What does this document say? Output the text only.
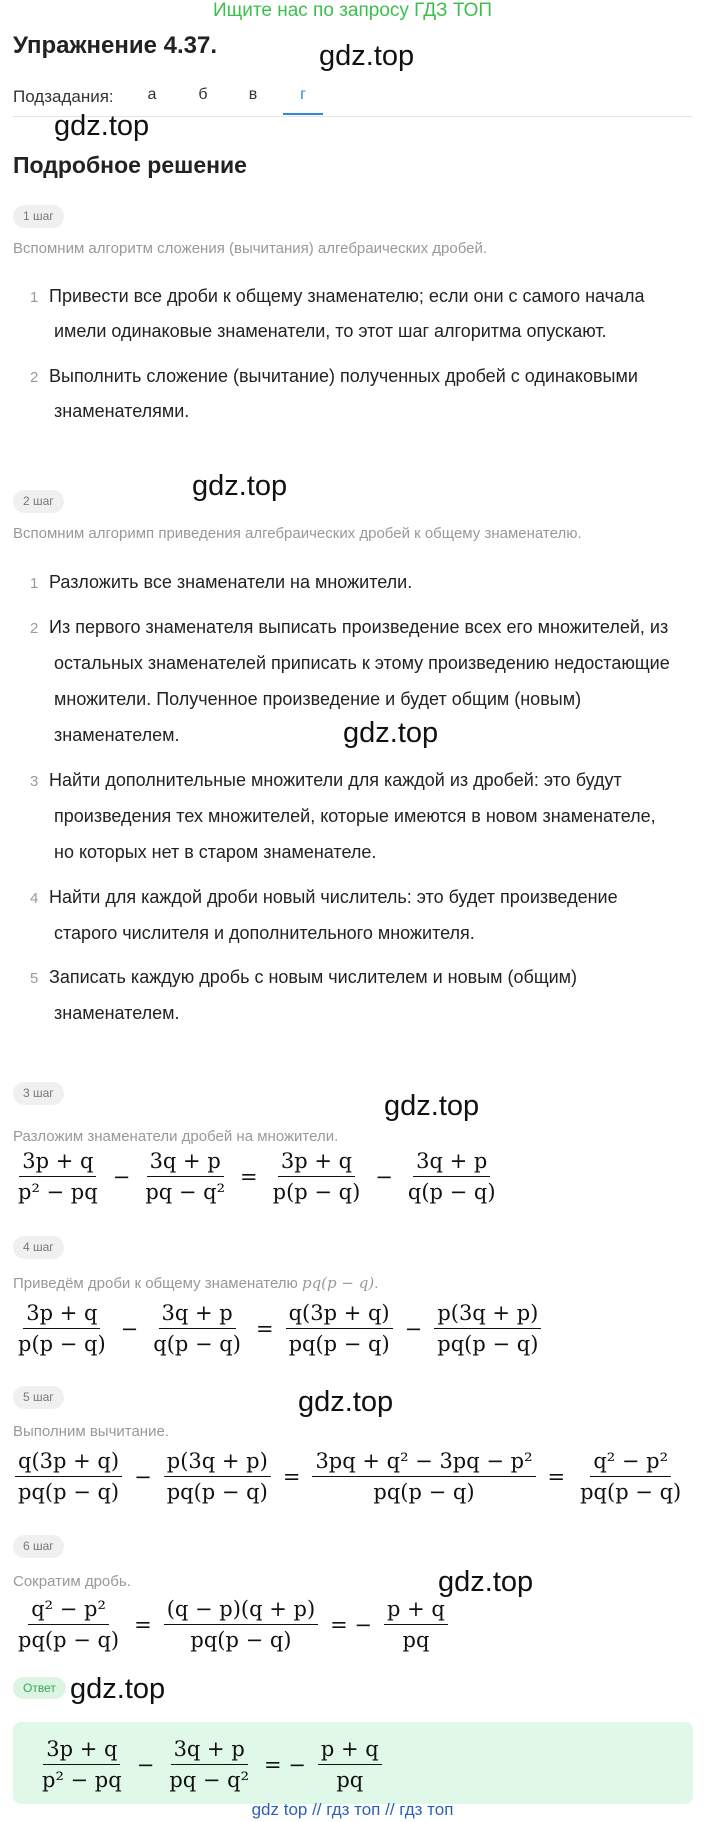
Ищите нас по запросу ГДЗ ТОП
Упражнение 4.37.	gdz.top
Подзадания:	а	б	в	г
gdz.top
Подробное решение
1 шаг
Вспомним алгоритм сложения (вычитания) алгебраических дробей.
1 Привести все дроби к общему знаменателю; если они с самого начала
имели одинаковые знаменатели, то этот шаг алгоритма опускают.
2 Выполнить сложение (вычитание) полученных дробей с одинаковыми
знаменателями.
gdz.top
2 шаг
Вспомним алгоримп приведения алгебраических дробей к общему знаменателю.
1 Разложить все знаменатели на множители.
2 Из первого знаменателя выписать произведение всех его множителей, из
остальных знаменателей приписать к этому произведению недостающие
множители. Полученное произведение и будет общим (новым)
знаменателем.	gdz.top
3 Найти дополнительные множители для каждой из дробей: это будут
произведения тех множителей, которые имеются в новом знаменателе,
но которых нет в старом знаменателе.
4 Найти для каждой дроби новый числитель: это будет произведение
старого числителя и дополнительного множителя.
5 Записать каждую дробь с новым числителем и новым (общим)
знаменателем.
3 шаг	gdz.top
Разложим знаменатели дробей на множители.
$\frac{3p + q}{\text{p² − pq}} - \frac{3q + p}{\text{pq − q²}} = \frac{3p + q}{p(p - q)} - \frac{3q + p}{q(p - q)}$
4 шаг
Приведём дроби к общему знаменателю pq(p − q).
$\frac{3p + q}{p(p - q)} - \frac{3q + p}{q(p - q)} = \frac{q(3p + q)}{pq(p - q)} - \frac{p(3q + p)}{pq(p - q)}$
5 шаг	gdz.top
Выполним вычитание.
$\frac{q(3p + q)}{pq(p - q)} - \frac{p(3q + p)}{pq(p - q)} = \frac{\text{3pq + q² − 3pq − p²}}{pq(p - q)} = \frac{\text{q² − p²}}{pq(p - q)}$
6 шаг
Сократим дробь.	gdz.top
$\frac{\text{q² − p²}}{pq(p - q)} = \frac{(q - p)(q + p)}{pq(p - q)}$ = − $\frac{p + q}{pq}$
Ответ gdz.top
$\frac{3p + q}{\text{p² − pq}} - \frac{3q + p}{\text{pq − q²}}$ = − $\frac{p + q}{pq}$
gdz top // гдз топ // гдз топ
